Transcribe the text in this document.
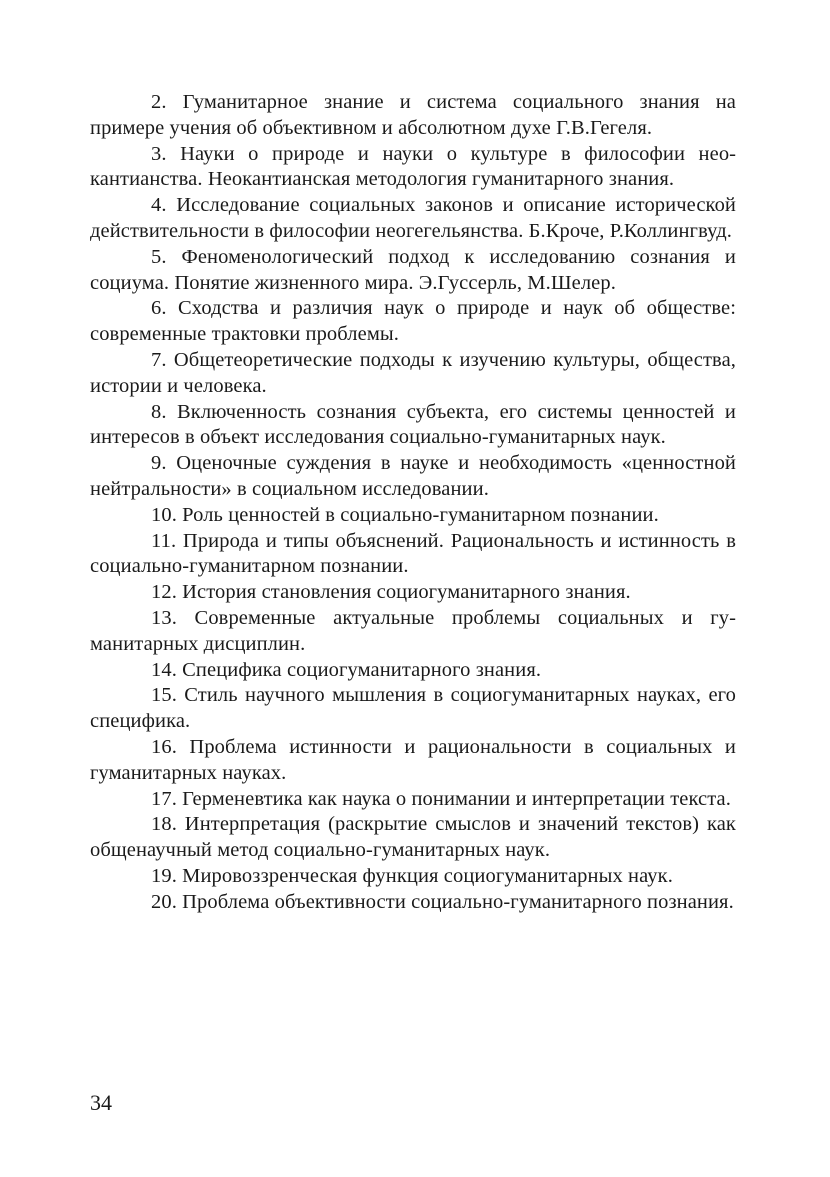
2. Гуманитарное знание и система социального знания на примере учения об объективном и абсолютном духе Г.В.Гегеля.

3. Науки о природе и науки о культуре в философии неокантианства. Неокантианская методология гуманитарного знания.

4. Исследование социальных законов и описание исторической действительности в философии неогегельянства. Б.Кроче, Р.Коллингвуд.

5. Феноменологический подход к исследованию сознания и социума. Понятие жизненного мира. Э.Гуссерль, М.Шелер.

6. Сходства и различия наук о природе и наук об обществе: современные трактовки проблемы.

7. Общетеоретические подходы к изучению культуры, общества, истории и человека.

8. Включенность сознания субъекта, его системы ценностей и интересов в объект исследования социально-гуманитарных наук.

9. Оценочные суждения в науке и необходимость «ценностной нейтральности» в социальном исследовании.

10. Роль ценностей в социально-гуманитарном познании.

11. Природа и типы объяснений. Рациональность и истинность в социально-гуманитарном познании.

12. История становления социогуманитарного знания.

13. Современные актуальные проблемы социальных и гуманитарных дисциплин.

14. Специфика социогуманитарного знания.

15. Стиль научного мышления в социогуманитарных науках, его специфика.

16. Проблема истинности и рациональности в социальных и гуманитарных науках.

17. Герменевтика как наука о понимании и интерпретации текста.

18. Интерпретация (раскрытие смыслов и значений текстов) как общенаучный метод социально-гуманитарных наук.

19. Мировоззренческая функция социогуманитарных наук.

20. Проблема объективности социально-гуманитарного познания.

34
